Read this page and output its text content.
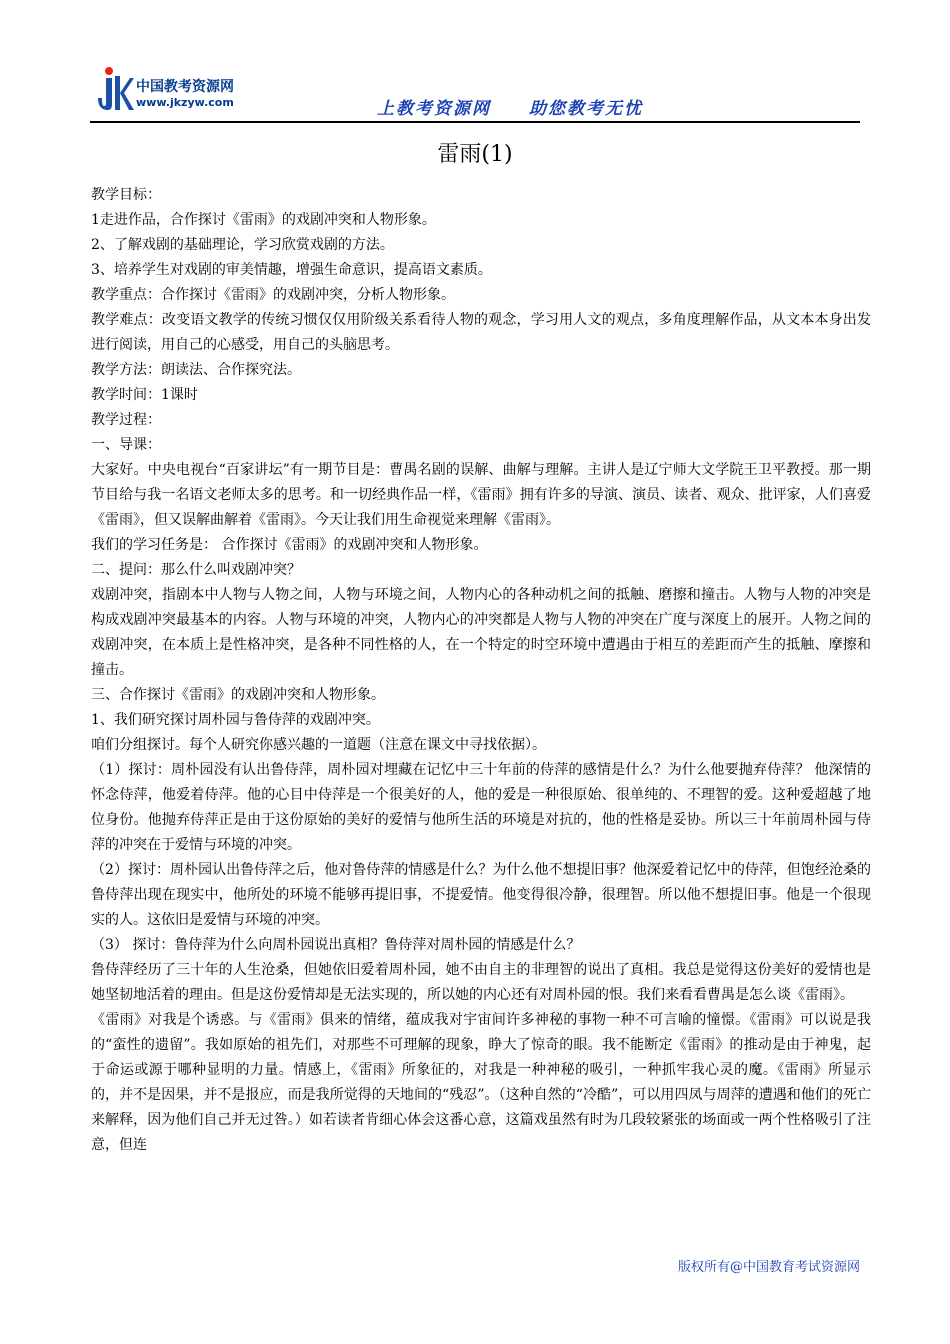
中国教考资源网
www.jkzyw.com	上教考资源网　　助您教考无忧
雷雨(1)

教学目标：

1走进作品，合作探讨《雷雨》的戏剧冲突和人物形象。

2、了解戏剧的基础理论，学习欣赏戏剧的方法。

3、培养学生对戏剧的审美情趣，增强生命意识，提高语文素质。

教学重点：合作探讨《雷雨》的戏剧冲突，分析人物形象。

教学难点：改变语文教学的传统习惯仅仅用阶级关系看待人物的观念，学习用人文的观点，多角度理解作品，从文本本身出发进行阅读，用自己的心感受，用自己的头脑思考。

教学方法：朗读法、合作探究法。

教学时间：1课时

教学过程：

一、导课：

大家好。中央电视台“百家讲坛”有一期节目是：曹禺名剧的误解、曲解与理解。主讲人是辽宁师大文学院王卫平教授。那一期节目给与我一名语文老师太多的思考。和一切经典作品一样，《雷雨》拥有许多的导演、演员、读者、观众、批评家，人们喜爱《雷雨》，但又误解曲解着《雷雨》。今天让我们用生命视觉来理解《雷雨》。

我们的学习任务是： 合作探讨《雷雨》的戏剧冲突和人物形象。

二、提问：那么什么叫戏剧冲突？

戏剧冲突，指剧本中人物与人物之间，人物与环境之间，人物内心的各种动机之间的抵触、磨擦和撞击。人物与人物的冲突是构成戏剧冲突最基本的内容。人物与环境的冲突，人物内心的冲突都是人物与人物的冲突在广度与深度上的展开。人物之间的戏剧冲突，在本质上是性格冲突，是各种不同性格的人，在一个特定的时空环境中遭遇由于相互的差距而产生的抵触、摩擦和撞击。

三、合作探讨《雷雨》的戏剧冲突和人物形象。

1、我们研究探讨周朴园与鲁侍萍的戏剧冲突。

咱们分组探讨。每个人研究你感兴趣的一道题（注意在课文中寻找依据）。

（1）探讨：周朴园没有认出鲁侍萍，周朴园对埋藏在记忆中三十年前的侍萍的感情是什么？为什么他要抛弃侍萍？ 他深情的怀念侍萍，他爱着侍萍。他的心目中侍萍是一个很美好的人，他的爱是一种很原始、很单纯的、不理智的爱。这种爱超越了地位身份。他抛弃侍萍正是由于这份原始的美好的爱情与他所生活的环境是对抗的，他的性格是妥协。所以三十年前周朴园与侍萍的冲突在于爱情与环境的冲突。

（2）探讨：周朴园认出鲁侍萍之后，他对鲁侍萍的情感是什么？为什么他不想提旧事？他深爱着记忆中的侍萍，但饱经沧桑的鲁侍萍出现在现实中，他所处的环境不能够再提旧事，不提爱情。他变得很冷静，很理智。所以他不想提旧事。他是一个很现实的人。这依旧是爱情与环境的冲突。

（3） 探讨：鲁侍萍为什么向周朴园说出真相？鲁侍萍对周朴园的情感是什么？

鲁侍萍经历了三十年的人生沧桑，但她依旧爱着周朴园，她不由自主的非理智的说出了真相。我总是觉得这份美好的爱情也是她坚韧地活着的理由。但是这份爱情却是无法实现的，所以她的内心还有对周朴园的恨。我们来看看曹禺是怎么谈《雷雨》。

《雷雨》对我是个诱惑。与《雷雨》俱来的情绪，蕴成我对宇宙间许多神秘的事物一种不可言喻的憧憬。《雷雨》可以说是我的“蛮性的遗留”。我如原始的祖先们，对那些不可理解的现象，睁大了惊奇的眼。我不能断定《雷雨》的推动是由于神鬼，起于命运或源于哪种显明的力量。情感上，《雷雨》所象征的，对我是一种神秘的吸引，一种抓牢我心灵的魔。《雷雨》所显示的，并不是因果，并不是报应，而是我所觉得的天地间的“残忍”。（这种自然的“冷酷”，可以用四凤与周萍的遭遇和他们的死亡来解释，因为他们自己并无过咎。）如若读者肯细心体会这番心意，这篇戏虽然有时为几段较紧张的场面或一两个性格吸引了注意，但连

版权所有@中国教育考试资源网
